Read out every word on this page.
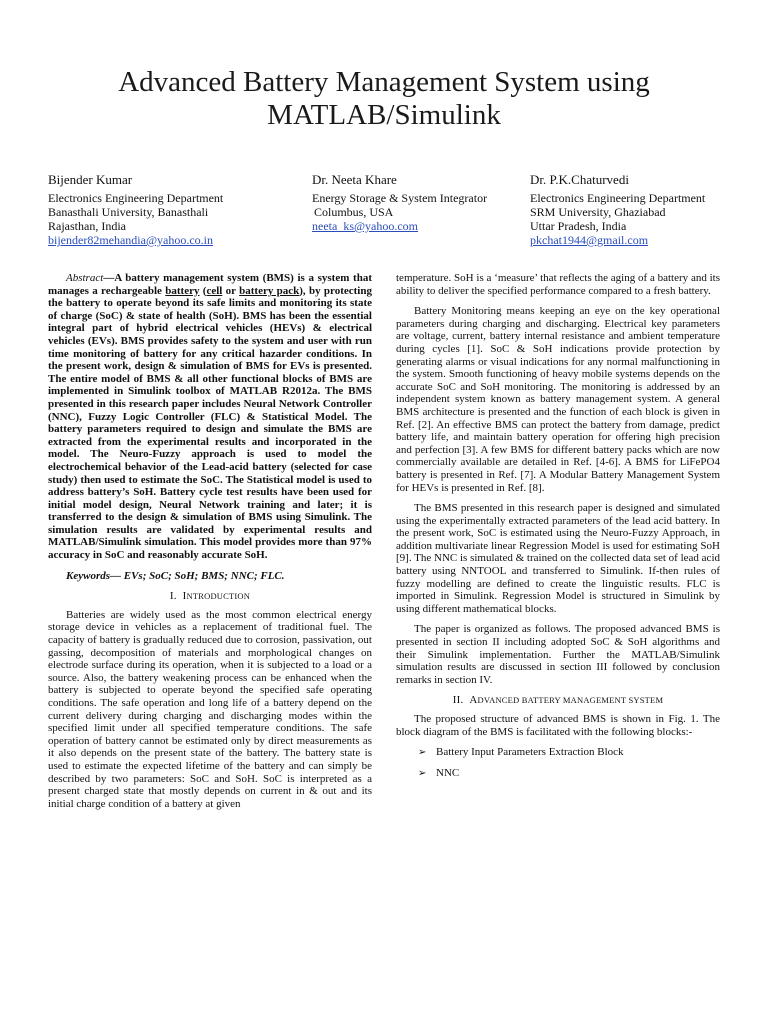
Advanced Battery Management System using
MATLAB/Simulink
Bijender Kumar
Electronics Engineering Department
Banasthali University, Banasthali
Rajasthan, India
bijender82mehandia@yahoo.co.in
Dr. Neeta Khare
Energy Storage & System Integrator
Columbus, USA
neeta_ks@yahoo.com
Dr. P.K.Chaturvedi
Electronics Engineering Department
SRM University, Ghaziabad
Uttar Pradesh, India
pkchat1944@gmail.com

Abstract—A battery management system (BMS) is a system that manages a rechargeable battery (cell or battery pack), by protecting the battery to operate beyond its safe limits and monitoring its state of charge (SoC) & state of health (SoH). BMS has been the essential integral part of hybrid electrical vehicles (HEVs) & electrical vehicles (EVs). BMS provides safety to the system and user with run time monitoring of battery for any critical hazarder conditions. In the present work, design & simulation of BMS for EVs is presented. The entire model of BMS & all other functional blocks of BMS are implemented in Simulink toolbox of MATLAB R2012a. The BMS presented in this research paper includes Neural Network Controller (NNC), Fuzzy Logic Controller (FLC) & Statistical Model. The battery parameters required to design and simulate the BMS are extracted from the experimental results and incorporated in the model. The Neuro-Fuzzy approach is used to model the electrochemical behavior of the Lead-acid battery (selected for case study) then used to estimate the SoC. The Statistical model is used to address battery’s SoH. Battery cycle test results have been used for initial model design, Neural Network training and later; it is transferred to the design & simulation of BMS using Simulink. The simulation results are validated by experimental results and MATLAB/Simulink simulation. This model provides more than 97% accuracy in SoC and reasonably accurate SoH.

Keywords— EVs; SoC; SoH; BMS; NNC; FLC.
I. INTRODUCTION

Batteries are widely used as the most common electrical energy storage device in vehicles as a replacement of traditional fuel. The capacity of battery is gradually reduced due to corrosion, passivation, out gassing, decomposition of materials and morphological changes on electrode surface during its operation, when it is subjected to a load or a source. Also, the battery weakening process can be enhanced when the battery is subjected to operate beyond the specified safe operating conditions. The safe operation and long life of a battery depend on the current delivery during charging and discharging modes within the specified limit under all specified temperature conditions. The safe operation of battery cannot be estimated only by direct measurements as it also depends on the present state of the battery. The battery state is used to estimate the expected lifetime of the battery and can simply be described by two parameters: SoC and SoH. SoC is interpreted as a present charged state that mostly depends on current in & out and its initial charge condition of a battery at given

temperature. SoH is a ‘measure’ that reflects the aging of a battery and its ability to deliver the specified performance compared to a fresh battery.

Battery Monitoring means keeping an eye on the key operational parameters during charging and discharging. Electrical key parameters are voltage, current, battery internal resistance and ambient temperature during cycles [1]. SoC & SoH indications provide protection by generating alarms or visual indications for any normal malfunctioning in the system. Smooth functioning of heavy mobile systems depends on the accurate SoC and SoH monitoring. The monitoring is addressed by an independent system known as battery management system. A general BMS architecture is presented and the function of each block is given in Ref. [2]. An effective BMS can protect the battery from damage, predict battery life, and maintain battery operation for offering high precision and perfection [3]. A few BMS for different battery packs which are now commercially available are detailed in Ref. [4-6]. A BMS for LiFePO4 battery is presented in Ref. [7]. A Modular Battery Management System for HEVs is presented in Ref. [8].

The BMS presented in this research paper is designed and simulated using the experimentally extracted parameters of the lead acid battery. In the present work, SoC is estimated using the Neuro-Fuzzy Approach, in addition multivariate linear Regression Model is used for estimating SoH [9]. The NNC is simulated & trained on the collected data set of lead acid battery using NNTOOL and transferred to Simulink. If-then rules of fuzzy modelling are defined to create the linguistic results. FLC is imported in Simulink. Regression Model is structured in Simulink by using different mathematical blocks.

The paper is organized as follows. The proposed advanced BMS is presented in section II including adopted SoC & SoH algorithms and their Simulink implementation. Further the MATLAB/Simulink simulation results are discussed in section III followed by conclusion remarks in section IV.

II. ADVANCED BATTERY MANAGEMENT SYSTEM

The proposed structure of advanced BMS is shown in Fig. 1. The block diagram of the BMS is facilitated with the following blocks:-

➢ Battery Input Parameters Extraction Block
➢ NNC
